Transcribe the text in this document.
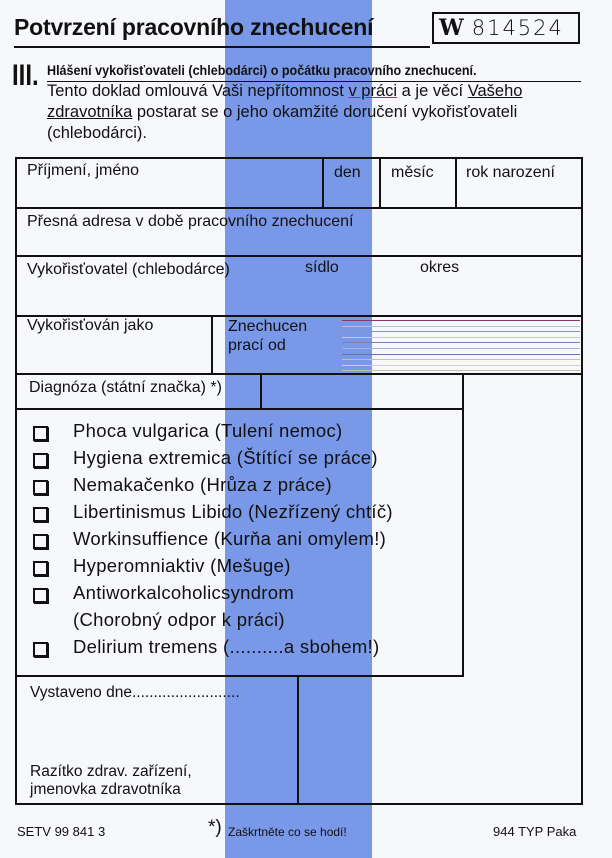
Potvrzení pracovního znechucení	W 814524
III. Hlášení vykořisťovateli (chlebodárci) o počátku pracovního znechucení.
Tento doklad omlouvá Vaši nepřítomnost v práci a je věcí Vašeho zdravotníka postarat se o jeho okamžité doručení vykořisťovateli (chlebodárci).
Příjmení, jméno	den měsíc rok narození
Přesná adresa v době pracovního znechucení
Vykořisťovatel (chlebodárce)	sídlo	okres
Vykořisťován jako	Znechucen
prací od
Diagnóza (státní značka) *)
Phoca vulgarica (Tulení nemoc)
Hygiena extremica (Štítící se práce)
Nemakačenko (Hrůza z práce)
Libertinismus Libido (Nezřízený chtíč)
Workinsuffience (Kurňa ani omylem!)
Hyperomniaktiv (Mešuge)
Antiworkalcoholicsyndrom
(Chorobný odpor k práci)
Delirium tremens (..........a sbohem!)
Vystaveno dne.........................
Razítko zdrav. zařízení,
jmenovka zdravotníka
SETV 99 841 3	*) Zaškrtněte co se hodí!	944 TYP Paka
